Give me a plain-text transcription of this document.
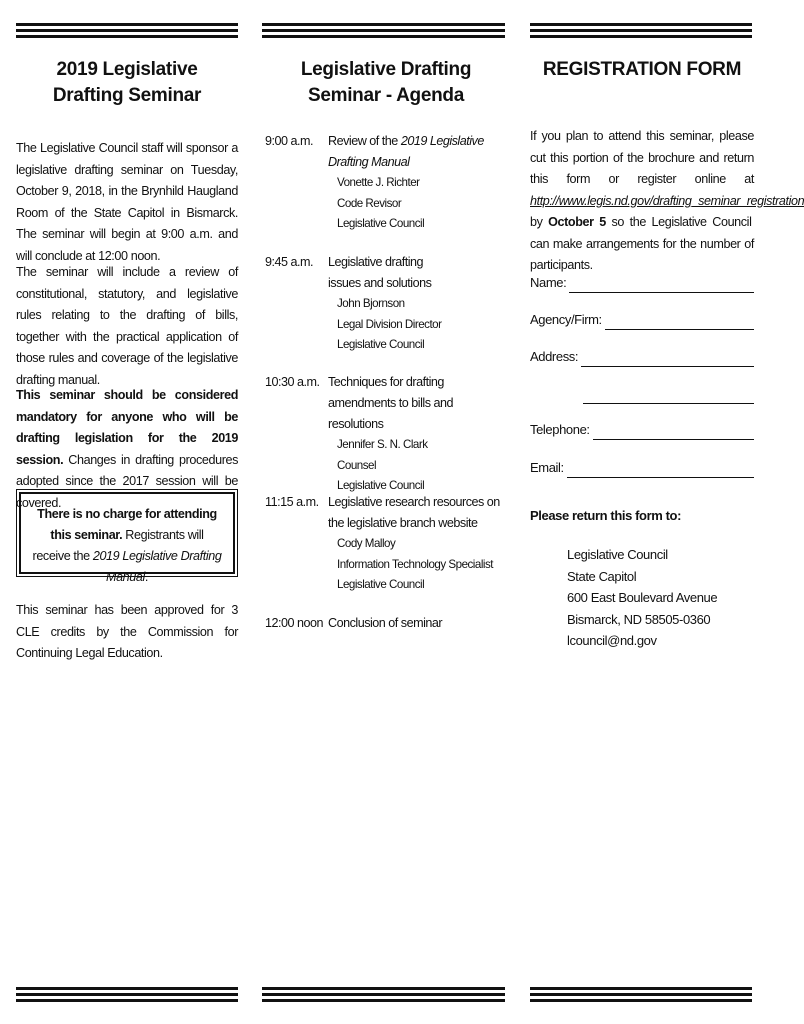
2019 Legislative
Drafting Seminar

The Legislative Council staff will sponsor a legislative drafting seminar on Tuesday, October 9, 2018, in the Brynhild Haugland Room of the State Capitol in Bismarck. The seminar will begin at 9:00 a.m. and will conclude at 12:00 noon.

The seminar will include a review of constitutional, statutory, and legislative rules relating to the drafting of bills, together with the practical application of those rules and coverage of the legislative drafting manual.

This seminar should be considered mandatory for anyone who will be drafting legislation for the 2019 session. Changes in drafting procedures adopted since the 2017 session will be covered.

There is no charge for attending this seminar. Registrants will receive the 2019 Legislative Drafting Manual.

This seminar has been approved for 3 CLE credits by the Commission for Continuing Legal Education.

Legislative Drafting
Seminar - Agenda
9:00 a.m. Review of the 2019 Legislative Drafting Manual
Vonette J. Richter
Code Revisor
Legislative Council
9:45 a.m. Legislative drafting issues and solutions
John Bjornson
Legal Division Director
Legislative Council
10:30 a.m. Techniques for drafting amendments to bills and resolutions
Jennifer S. N. Clark
Counsel
Legislative Council
11:15 a.m. Legislative research resources on the legislative branch website
Cody Malloy
Information Technology Specialist
Legislative Council
12:00 noon Conclusion of seminar
REGISTRATION FORM

If you plan to attend this seminar, please cut this portion of the brochure and return this form or register online at http://www.legis.nd.gov/drafting_seminar_registration by October 5 so the Legislative Council can make arrangements for the number of participants.

Name:
Agency/Firm:
Address:
Telephone:
Email:
Please return this form to:
Legislative Council
State Capitol
600 East Boulevard Avenue
Bismarck, ND 58505-0360
lcouncil@nd.gov
